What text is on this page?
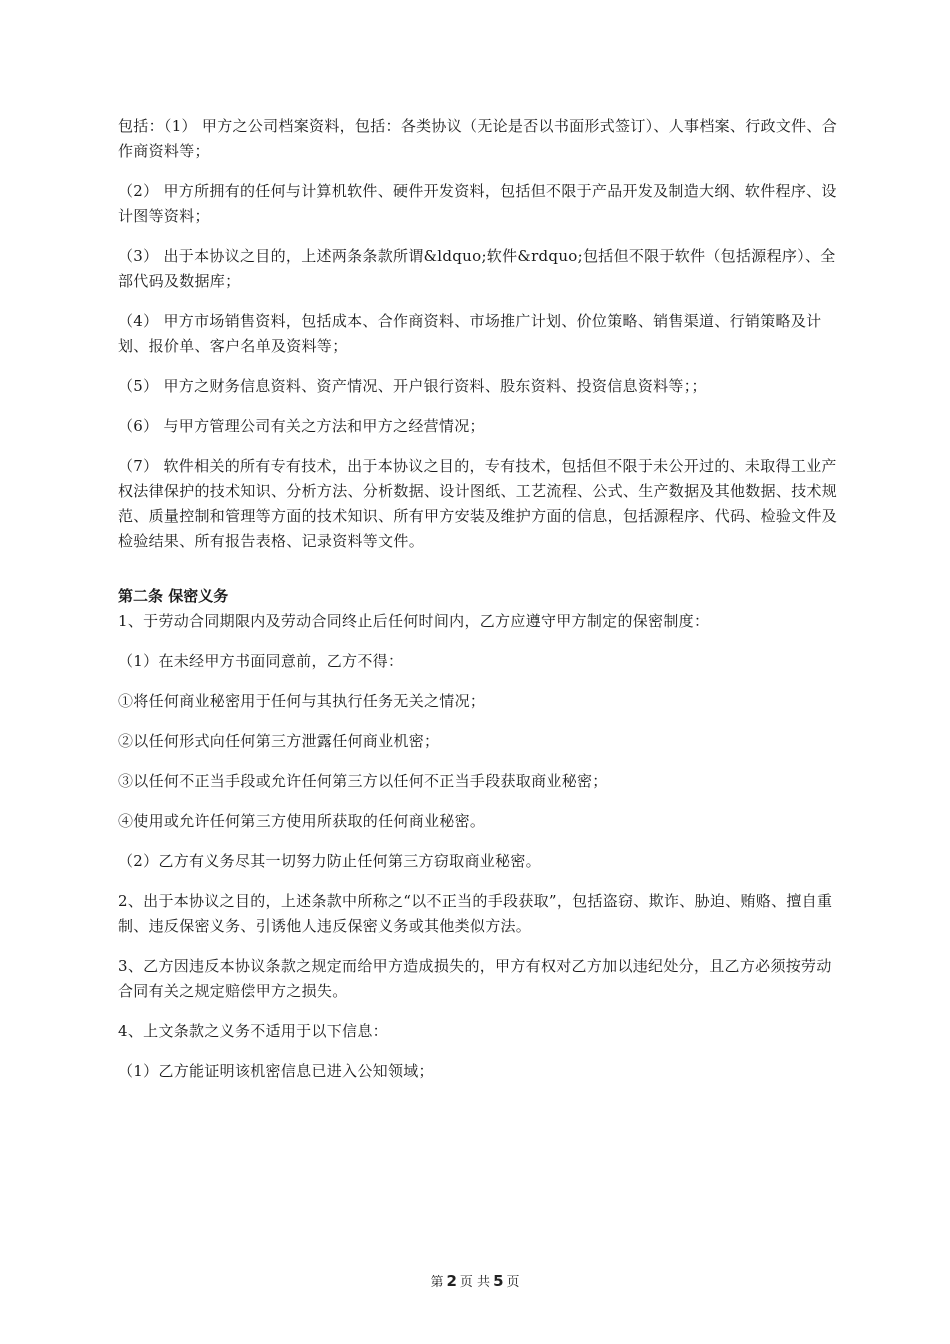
包括：（1） 甲方之公司档案资料，包括：各类协议（无论是否以书面形式签订）、人事档案、行政文件、合作商资料等；

（2） 甲方所拥有的任何与计算机软件、硬件开发资料，包括但不限于产品开发及制造大纲、软件程序、设计图等资料；

（3） 出于本协议之目的，上述两条条款所谓&ldquo;软件&rdquo;包括但不限于软件（包括源程序）、全部代码及数据库；

（4） 甲方市场销售资料，包括成本、合作商资料、市场推广计划、价位策略、销售渠道、行销策略及计划、报价单、客户名单及资料等；

（5） 甲方之财务信息资料、资产情况、开户银行资料、股东资料、投资信息资料等；；

（6） 与甲方管理公司有关之方法和甲方之经营情况；

（7） 软件相关的所有专有技术，出于本协议之目的，专有技术，包括但不限于未公开过的、未取得工业产权法律保护的技术知识、分析方法、分析数据、设计图纸、工艺流程、公式、生产数据及其他数据、技术规范、质量控制和管理等方面的技术知识、所有甲方安装及维护方面的信息，包括源程序、代码、检验文件及检验结果、所有报告表格、记录资料等文件。

第二条 保密义务

1、于劳动合同期限内及劳动合同终止后任何时间内，乙方应遵守甲方制定的保密制度：

（1）在未经甲方书面同意前，乙方不得：

①将任何商业秘密用于任何与其执行任务无关之情况；

②以任何形式向任何第三方泄露任何商业机密；

③以任何不正当手段或允许任何第三方以任何不正当手段获取商业秘密；

④使用或允许任何第三方使用所获取的任何商业秘密。

（2）乙方有义务尽其一切努力防止任何第三方窃取商业秘密。

2、出于本协议之目的，上述条款中所称之“以不正当的手段获取”，包括盗窃、欺诈、胁迫、贿赂、擅自重制、违反保密义务、引诱他人违反保密义务或其他类似方法。

3、乙方因违反本协议条款之规定而给甲方造成损失的，甲方有权对乙方加以违纪处分，且乙方必须按劳动合同有关之规定赔偿甲方之损失。

4、上文条款之义务不适用于以下信息：

（1）乙方能证明该机密信息已进入公知领域；

第 2 页 共 5 页
